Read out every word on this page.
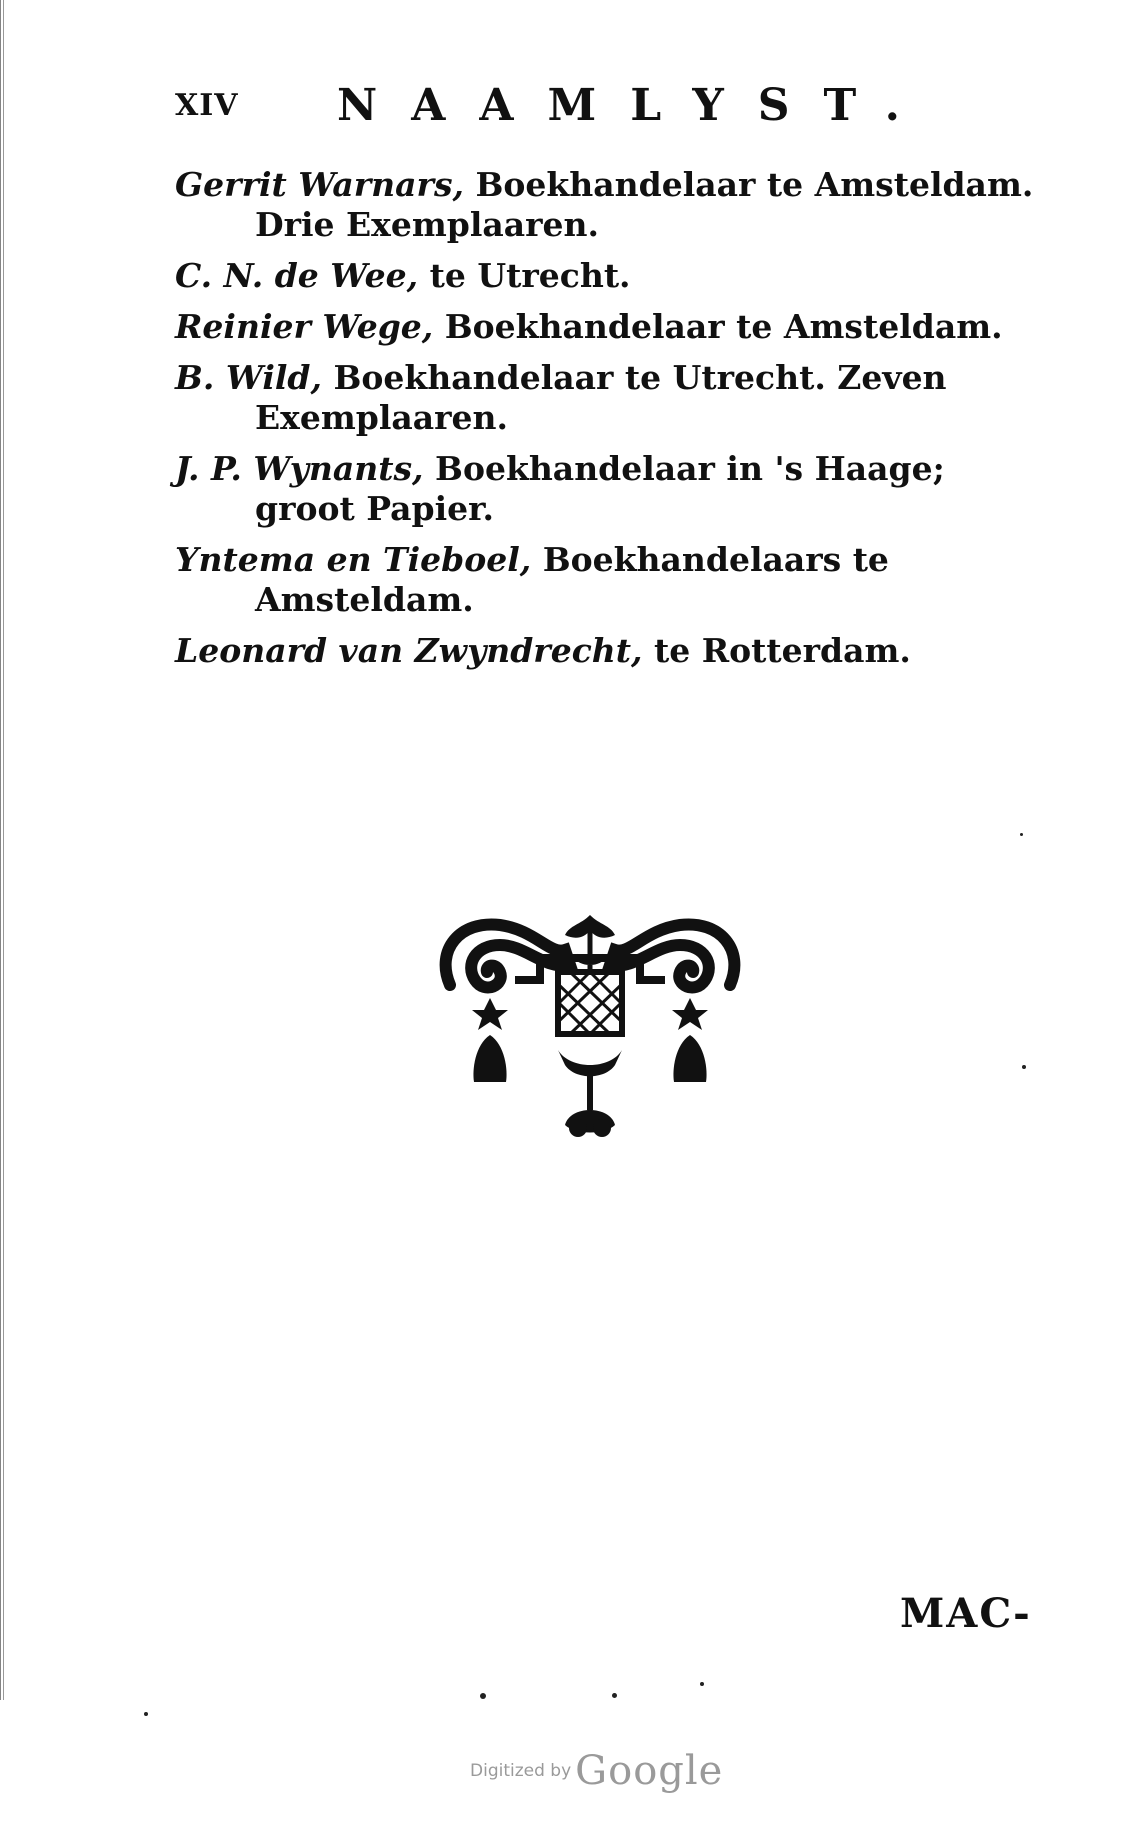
XIV NAAMLYST.

Gerrit Warnars, Boekhandelaar te Amsteldam. Drie Exemplaaren.

C. N. de Wee, te Utrecht.

Reinier Wege, Boekhandelaar te Amsteldam.

B. Wild, Boekhandelaar te Utrecht. Zeven Exemplaaren.

J. P. Wynants, Boekhandelaar in 's Haage; groot Papier.

Yntema en Tieboel, Boekhandelaars te Amsteldam.

Leonard van Zwyndrecht, te Rotterdam.

MAC-
Digitized by Google
